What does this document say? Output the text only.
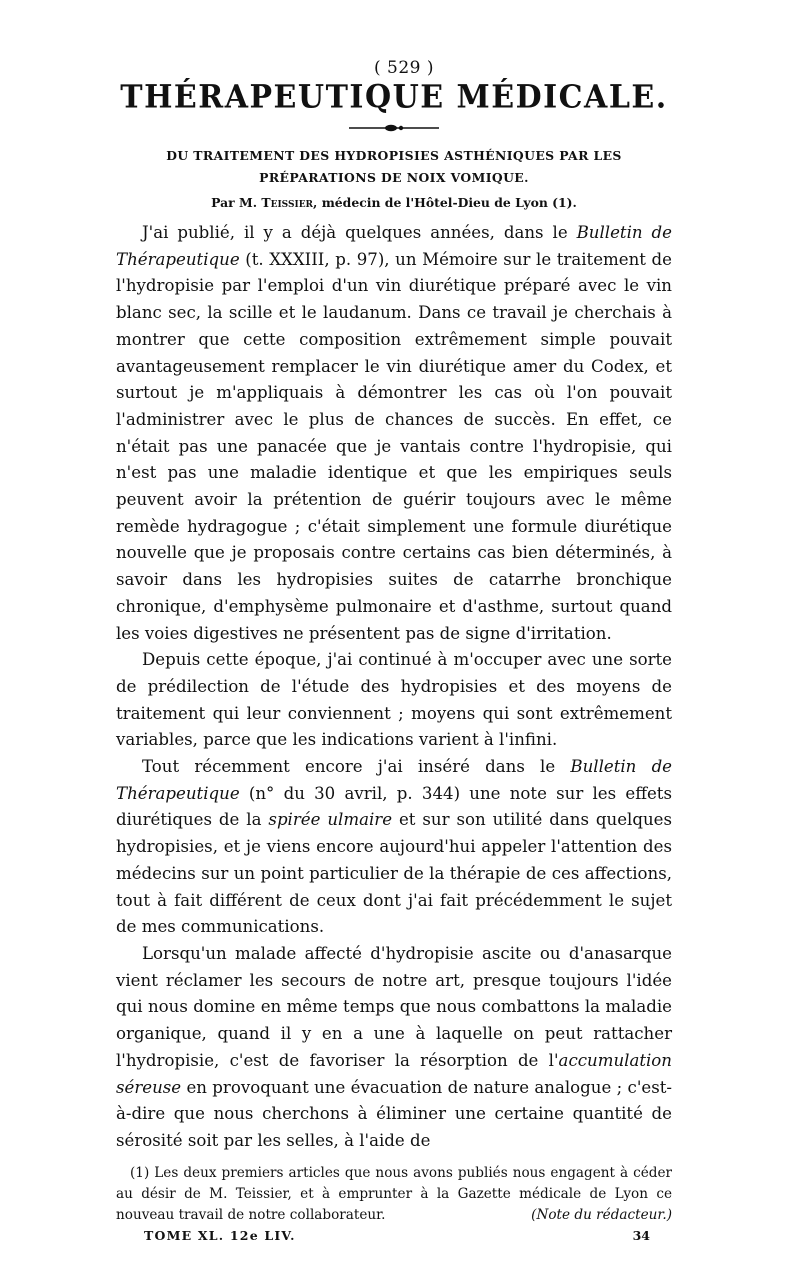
( 529 )
THÉRAPEUTIQUE MÉDICALE.
DU TRAITEMENT DES HYDROPISIES ASTHÉNIQUES PAR LES PRÉPARATIONS DE NOIX VOMIQUE.
Par M. Teissier, médecin de l'Hôtel-Dieu de Lyon (1).

J'ai publié, il y a déjà quelques années, dans le Bulletin de Thérapeutique (t. XXXIII, p. 97), un Mémoire sur le traitement de l'hydropisie par l'emploi d'un vin diurétique préparé avec le vin blanc sec, la scille et le laudanum. Dans ce travail je cherchais à montrer que cette composition extrêmement simple pouvait avantageusement remplacer le vin diurétique amer du Codex, et surtout je m'appliquais à démontrer les cas où l'on pouvait l'administrer avec le plus de chances de succès. En effet, ce n'était pas une panacée que je vantais contre l'hydropisie, qui n'est pas une maladie identique et que les empiriques seuls peuvent avoir la prétention de guérir toujours avec le même remède hydragogue ; c'était simplement une formule diurétique nouvelle que je proposais contre certains cas bien déterminés, à savoir dans les hydropisies suites de catarrhe bronchique chronique, d'emphysème pulmonaire et d'asthme, surtout quand les voies digestives ne présentent pas de signe d'irritation.

Depuis cette époque, j'ai continué à m'occuper avec une sorte de prédilection de l'étude des hydropisies et des moyens de traitement qui leur conviennent ; moyens qui sont extrêmement variables, parce que les indications varient à l'infini.

Tout récemment encore j'ai inséré dans le Bulletin de Thérapeutique (n° du 30 avril, p. 344) une note sur les effets diurétiques de la spirée ulmaire et sur son utilité dans quelques hydropisies, et je viens encore aujourd'hui appeler l'attention des médecins sur un point particulier de la thérapie de ces affections, tout à fait différent de ceux dont j'ai fait précédemment le sujet de mes communications.

Lorsqu'un malade affecté d'hydropisie ascite ou d'anasarque vient réclamer les secours de notre art, presque toujours l'idée qui nous domine en même temps que nous combattons la maladie organique, quand il y en a une à laquelle on peut rattacher l'hydropisie, c'est de favoriser la résorption de l'accumulation séreuse en provoquant une évacuation de nature analogue ; c'est-à-dire que nous cherchons à éliminer une certaine quantité de sérosité soit par les selles, à l'aide de

(1) Les deux premiers articles que nous avons publiés nous engagent à céder au désir de M. Teissier, et à emprunter à la Gazette médicale de Lyon ce nouveau travail de notre collaborateur.	(Note du rédacteur.)
TOME XL. 12e LIV.	34
